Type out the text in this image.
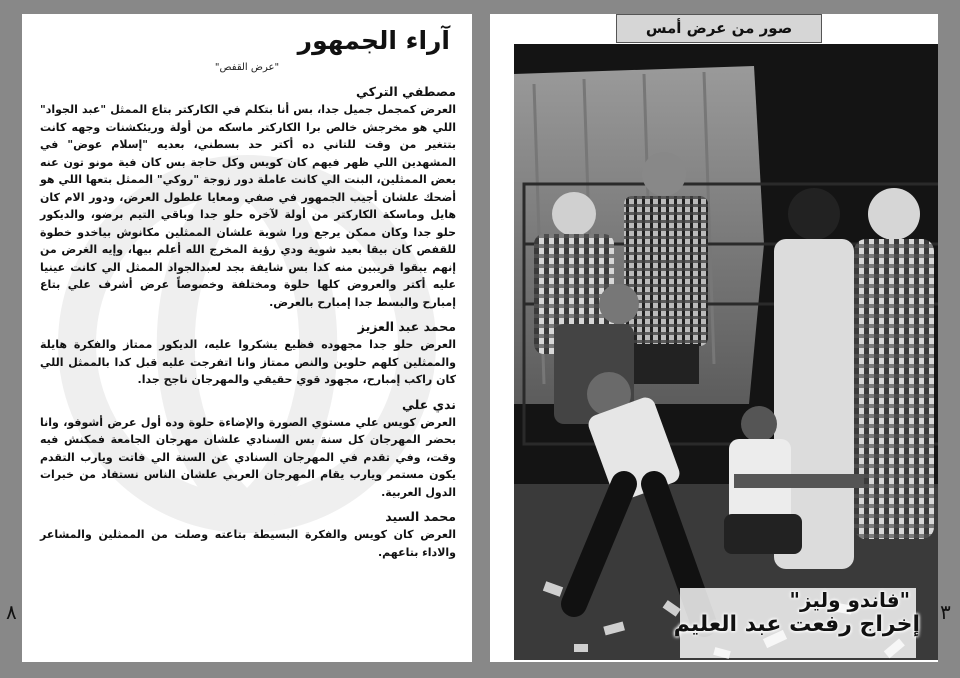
آراء الجمهور
"عرض القفص"
مصطفي التركي

العرض كمجمل جميل جدا، بس أنا بتكلم في الكاركتر بتاع الممثل "عبد الجواد" اللي هو مخرجش خالص برا الكاركتر ماسكه من أولة وريئكشنات وجهه كانت بتتغير من وقت للتاني ده أكتر حد بسطني، بعديه "إسلام عوض" في المشهدين اللي ظهر فيهم كان كويس وكل حاجة بس كان فية مونو تون عنه بعض الممثلين، البنت الي كانت عاملة دور زوجة "روكي" الممثل بتعها اللي هو أضحك علشان أجيب الجمهور في صفي ومعايا علطول العرض، ودور الام كان هايل وماسكة الكاركتر من أولة لآخره حلو جدا وباقي التيم برضو، والديكور حلو جدا وكان ممكن يرجع ورا شوية علشان الممثلين مكانوش بياخدو خطوة للقفص كان بيقا بعيد شوية ودي رؤية المخرج الله أعلم بيها، وإيه الغرض من إنهم يبقوا قريبين منه كدا بس شايفة بجد لعبدالجواد الممثل الي كانت عينيا عليه أكتر والعروض كلها حلوة ومختلفة وخصوصاً عرض أشرف علي بتاع إمبارح والبسط جدا إمبارح بالعرض.

محمد عبد العزيز

العرض حلو جدا مجهوده فظيع يشكروا عليه، الديكور ممتاز والفكرة هايلة والممثلين كلهم حلوين والنص ممتاز وانا اتفرجت عليه قبل كدا بالممثل اللي كان راكب إمبارح، مجهود قوي حقيقي والمهرجان ناجح جدا.

ندي علي

العرض كويس علي مستوي الصورة والإضاءة حلوة وده أول عرض أشوفو، وانا بحضر المهرجان كل سنة بس السنادي علشان مهرجان الجامعة فمكنش فيه وقت، وفي تقدم في المهرجان السنادي عن السنة الي فاتت ويارب التقدم يكون مستمر ويارب يقام المهرجان العربي علشان الناس نستفاد من خبرات الدول العربية.

محمد السيد

العرض كان كويس والفكرة البسيطة بتاعته وصلت من الممثلين والمشاعر والاداء بتاعهم.

صور من عرض أمس
"فاندو وليز"
إخراج رفعت عبد العليم
٨	٣
